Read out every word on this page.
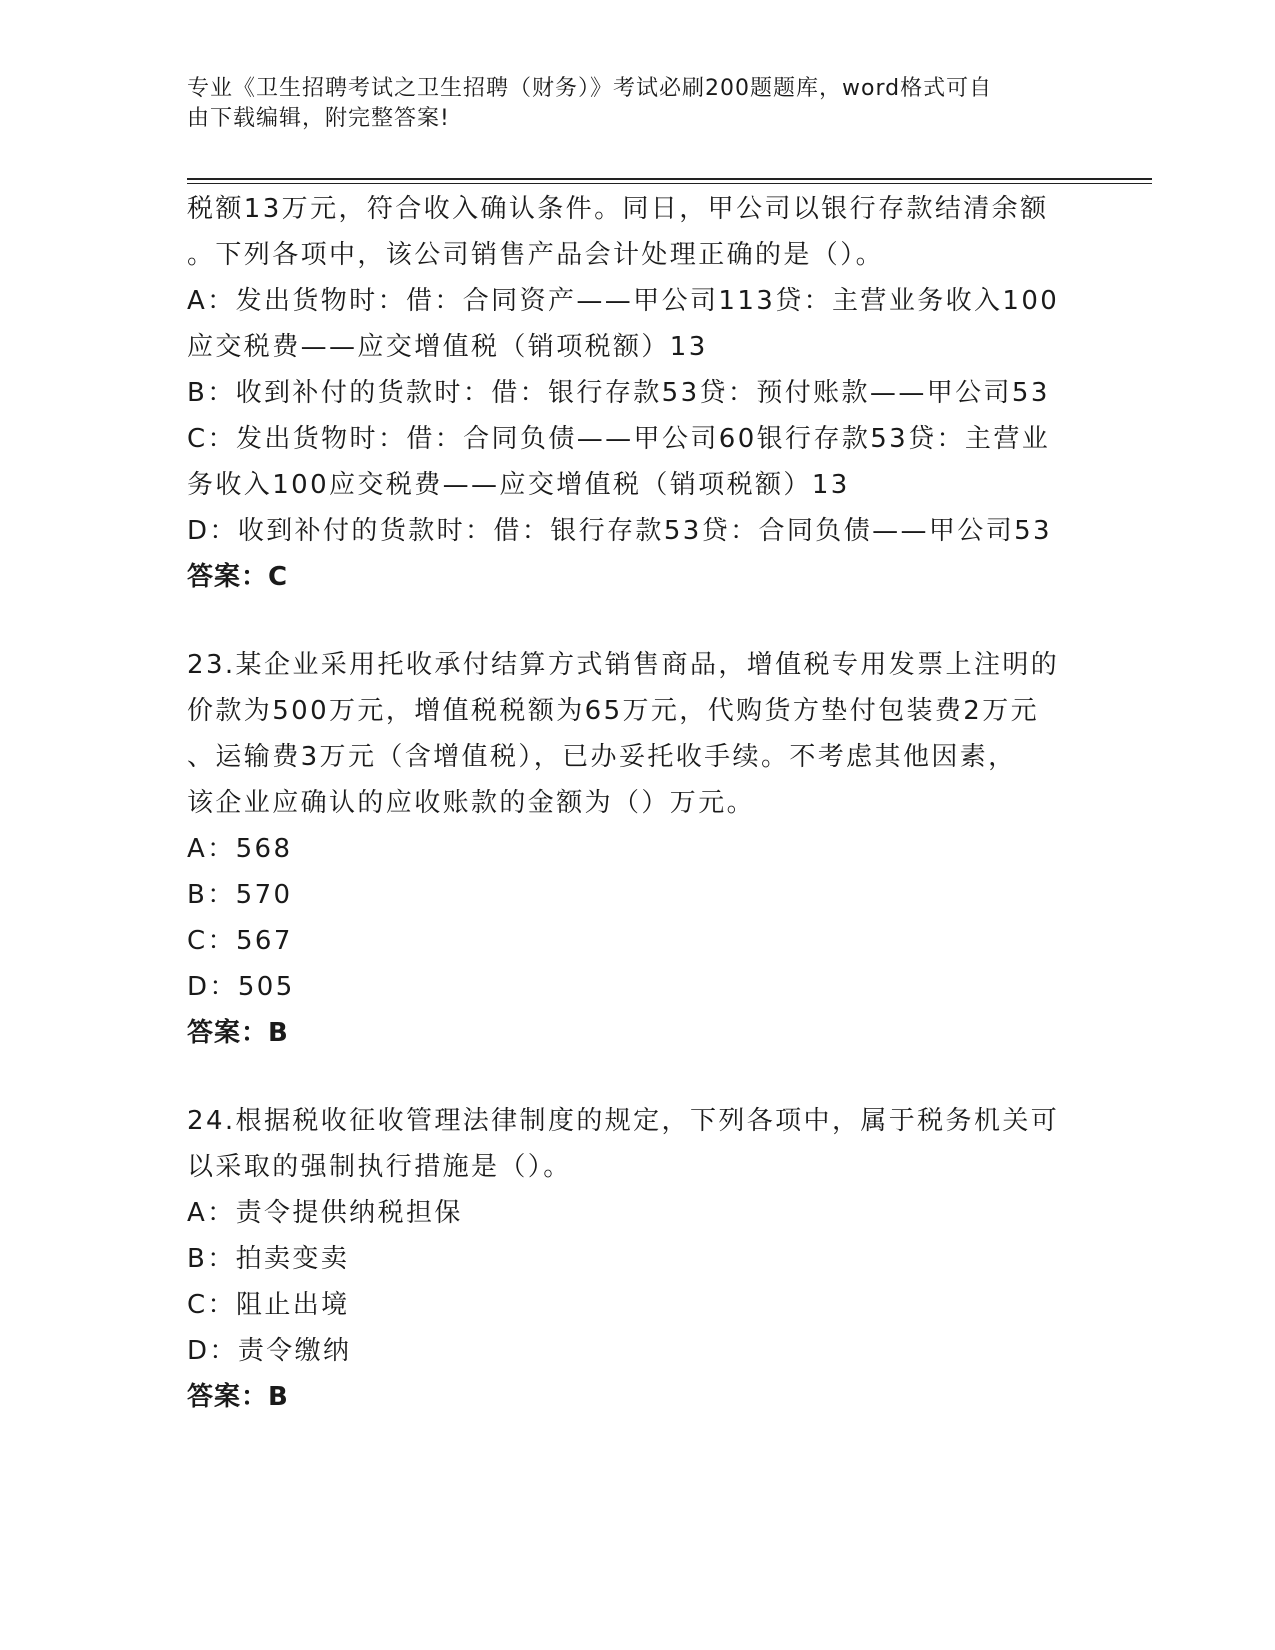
专业《卫生招聘考试之卫生招聘（财务）》考试必刷200题题库，word格式可自
由下载编辑，附完整答案!
税额13万元，符合收入确认条件。同日，甲公司以银行存款结清余额
。下列各项中，该公司销售产品会计处理正确的是（）。
A：发出货物时：借：合同资产——甲公司113贷：主营业务收入100
应交税费——应交增值税（销项税额）13
B：收到补付的货款时：借：银行存款53贷：预付账款——甲公司53
C：发出货物时：借：合同负债——甲公司60银行存款53贷：主营业
务收入100应交税费——应交增值税（销项税额）13
D：收到补付的货款时：借：银行存款53贷：合同负债——甲公司53
答案：C
23.某企业采用托收承付结算方式销售商品，增值税专用发票上注明的
价款为500万元，增值税税额为65万元，代购货方垫付包装费2万元
、运输费3万元（含增值税），已办妥托收手续。不考虑其他因素，
该企业应确认的应收账款的金额为（）万元。
A：568
B：570
C：567
D：505
答案：B
24.根据税收征收管理法律制度的规定，下列各项中，属于税务机关可
以采取的强制执行措施是（）。
A：责令提供纳税担保
B：拍卖变卖
C：阻止出境
D：责令缴纳
答案：B
